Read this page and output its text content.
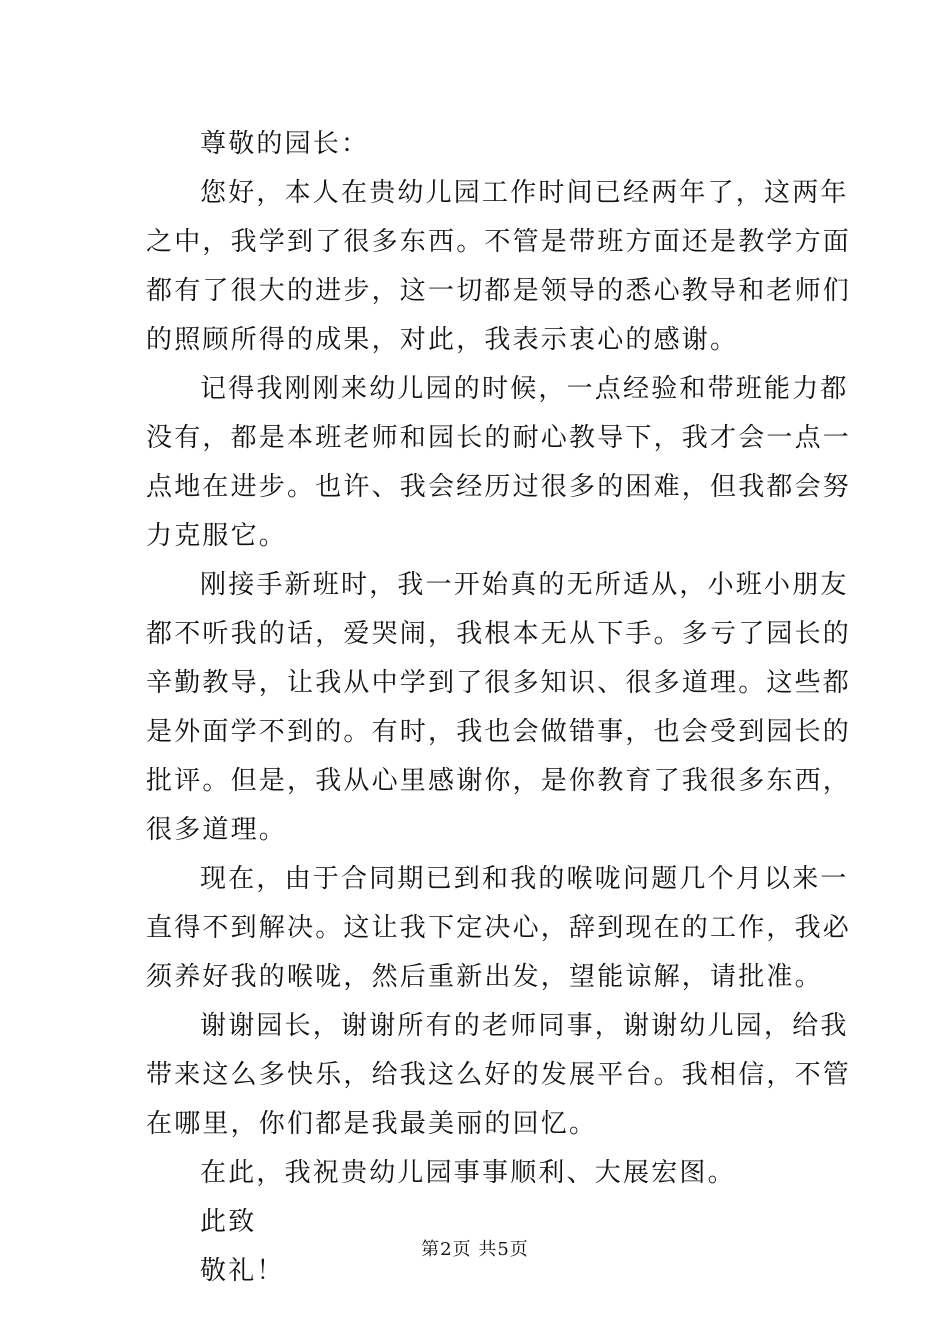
尊敬的园长：
您好，本人在贵幼儿园工作时间已经两年了，这两年
之中，我学到了很多东西。不管是带班方面还是教学方面
都有了很大的进步，这一切都是领导的悉心教导和老师们
的照顾所得的成果，对此，我表示衷心的感谢。
记得我刚刚来幼儿园的时候，一点经验和带班能力都
没有，都是本班老师和园长的耐心教导下，我才会一点一
点地在进步。也许、我会经历过很多的困难，但我都会努
力克服它。
刚接手新班时，我一开始真的无所适从，小班小朋友
都不听我的话，爱哭闹，我根本无从下手。多亏了园长的
辛勤教导，让我从中学到了很多知识、很多道理。这些都
是外面学不到的。有时，我也会做错事，也会受到园长的
批评。但是，我从心里感谢你，是你教育了我很多东西，
很多道理。
现在，由于合同期已到和我的喉咙问题几个月以来一
直得不到解决。这让我下定决心，辞到现在的工作，我必
须养好我的喉咙，然后重新出发，望能谅解，请批准。
谢谢园长，谢谢所有的老师同事，谢谢幼儿园，给我
带来这么多快乐，给我这么好的发展平台。我相信，不管
在哪里，你们都是我最美丽的回忆。
在此，我祝贵幼儿园事事顺利、大展宏图。
此致
敬礼！
第2页 共5页
